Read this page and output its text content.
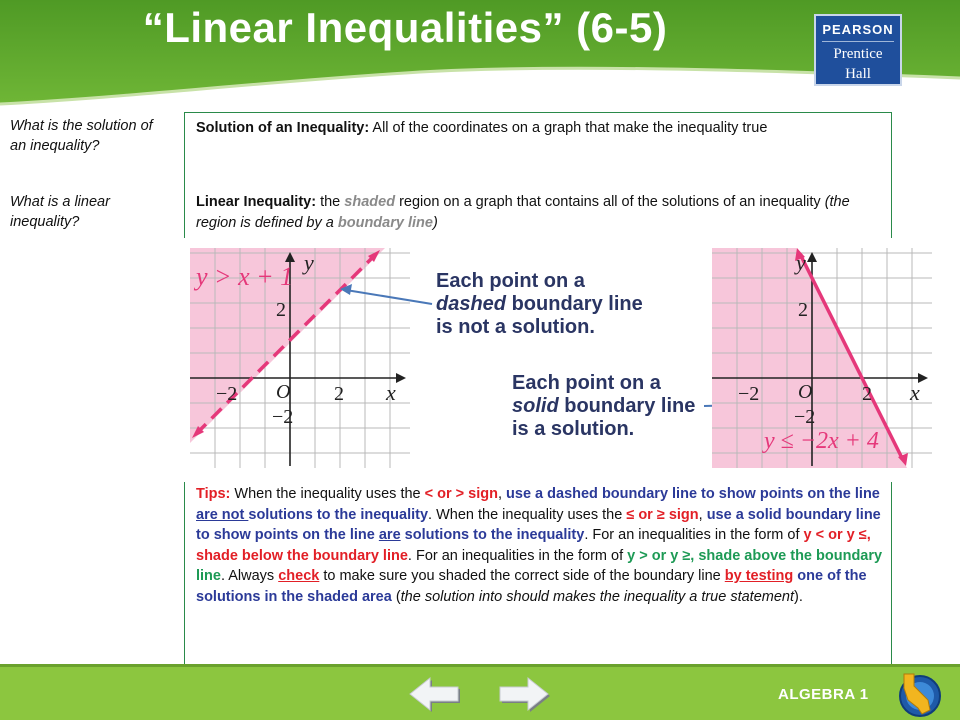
“Linear Inequalities” (6-5)	PEARSON
Prentice
Hall
What is the solution of an inequality?
What is a linear inequality?

Solution of an Inequality: All of the coordinates on a graph that make the inequality true

Linear Inequality: the shaded region on a graph that contains all of the solutions of an inequality (the region is defined by a boundary line)

y
x
O
2
−2
−2	2
y > x + 1	Each point on a
dashed boundary line
is not a solution.
Each point on a
solid boundary line
is a solution.
y
x
O
2
−2
−2	2
y ≤ −2x + 4

Tips: When the inequality uses the < or > sign, use a dashed boundary line to show points on the line are not solutions to the inequality. When the inequality uses the ≤ or ≥ sign, use a solid boundary line to show points on the line are solutions to the inequality. For an inequalities in the form of y < or y ≤, shade below the boundary line. For an inequalities in the form of y > or y ≥, shade above the boundary line. Always check to make sure you shaded the correct side of the boundary line by testing one of the solutions in the shaded area (the solution into should makes the inequality a true statement).

ALGEBRA 1
